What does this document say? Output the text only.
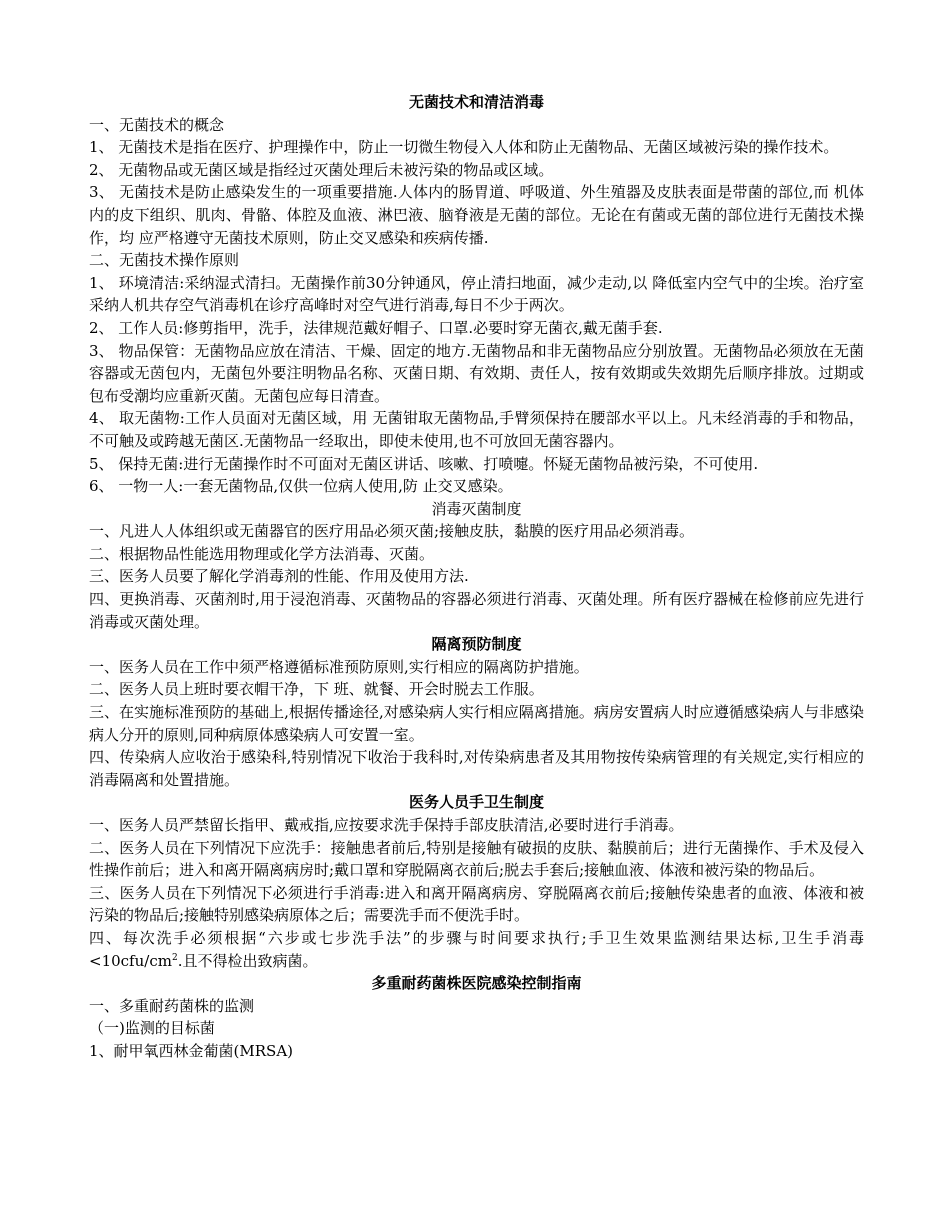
无菌技术和清洁消毒

一、无菌技术的概念

1、 无菌技术是指在医疗、护理操作中，防止一切微生物侵入人体和防止无菌物品、无菌区域被污染的操作技术。

2、 无菌物品或无菌区域是指经过灭菌处理后未被污染的物品或区域。

3、 无菌技术是防止感染发生的一项重要措施.人体内的肠胃道、呼吸道、外生殖器及皮肤表面是带菌的部位,而 机体内的皮下组织、肌肉、骨骼、体腔及血液、淋巴液、脑脊液是无菌的部位。无论在有菌或无菌的部位进行无菌技术操作，均 应严格遵守无菌技术原则，防止交叉感染和疾病传播.

二、无菌技术操作原则

1、 环境清洁:采纳湿式清扫。无菌操作前30分钟通风，停止清扫地面，减少走动,以 降低室内空气中的尘埃。治疗室采纳人机共存空气消毒机在诊疗高峰时对空气进行消毒,每日不少于两次。

2、 工作人员:修剪指甲，洗手，法律规范戴好帽子、口罩.必要时穿无菌衣,戴无菌手套.

3、 物品保管：无菌物品应放在清洁、干燥、固定的地方.无菌物品和非无菌物品应分别放置。无菌物品必须放在无菌容器或无茵包内，无菌包外要注明物品名称、灭菌日期、有效期、责任人，按有效期或失效期先后顺序排放。过期或包布受潮均应重新灭菌。无菌包应每日清查。

4、 取无菌物:工作人员面对无菌区域，用 无菌钳取无菌物品,手臂须保持在腰部水平以上。凡未经消毒的手和物品，不可触及或跨越无菌区.无菌物品一经取出，即使未使用,也不可放回无菌容器内。

5、 保持无菌:进行无菌操作时不可面对无菌区讲话、咳嗽、打喷嚏。怀疑无菌物品被污染，不可使用.

6、 一物一人:一套无菌物品,仅供一位病人使用,防 止交叉感染。

消毒灭菌制度

一、凡进人人体组织或无菌器官的医疗用品必须灭菌;接触皮肤，黏膜的医疗用品必须消毒。

二、根据物品性能选用物理或化学方法消毒、灭菌。

三、医务人员要了解化学消毒剂的性能、作用及使用方法.

四、更换消毒、灭菌剂时,用于浸泡消毒、灭菌物品的容器必须进行消毒、灭菌处理。所有医疗器械在检修前应先进行消毒或灭菌处理。

隔离预防制度

一、医务人员在工作中须严格遵循标准预防原则,实行相应的隔离防护措施。

二、医务人员上班时要衣帽干净，下 班、就餐、开会时脱去工作服。

三、在实施标准预防的基础上,根据传播途径,对感染病人实行相应隔离措施。病房安置病人时应遵循感染病人与非感染病人分开的原则,同种病原体感染病人可安置一室。

四、传染病人应收治于感染科,特别情况下收治于我科时,对传染病患者及其用物按传染病管理的有关规定,实行相应的消毒隔离和处置措施。

医务人员手卫生制度

一、医务人员严禁留长指甲、戴戒指,应按要求洗手保持手部皮肤清洁,必要时进行手消毒。

二、医务人员在下列情况下应洗手：接触患者前后,特别是接触有破损的皮肤、黏膜前后；进行无菌操作、手术及侵入性操作前后；进入和离开隔离病房时;戴口罩和穿脱隔离衣前后;脱去手套后;接触血液、体液和被污染的物品后。

三、医务人员在下列情况下必须进行手消毒:进入和离开隔离病房、穿脱隔离衣前后;接触传染患者的血液、体液和被污染的物品后;接触特别感染病原体之后；需要洗手而不便洗手时。

四、每次洗手必须根据“六步或七步洗手法”的步骤与时间要求执行;手卫生效果监测结果达标,卫生手消毒$<10cfu/cm^2$.且不得检出致病菌。

多重耐药菌株医院感染控制指南

一、多重耐药菌株的监测

（一)监测的目标菌

1、耐甲氧西林金葡菌(MRSA)
